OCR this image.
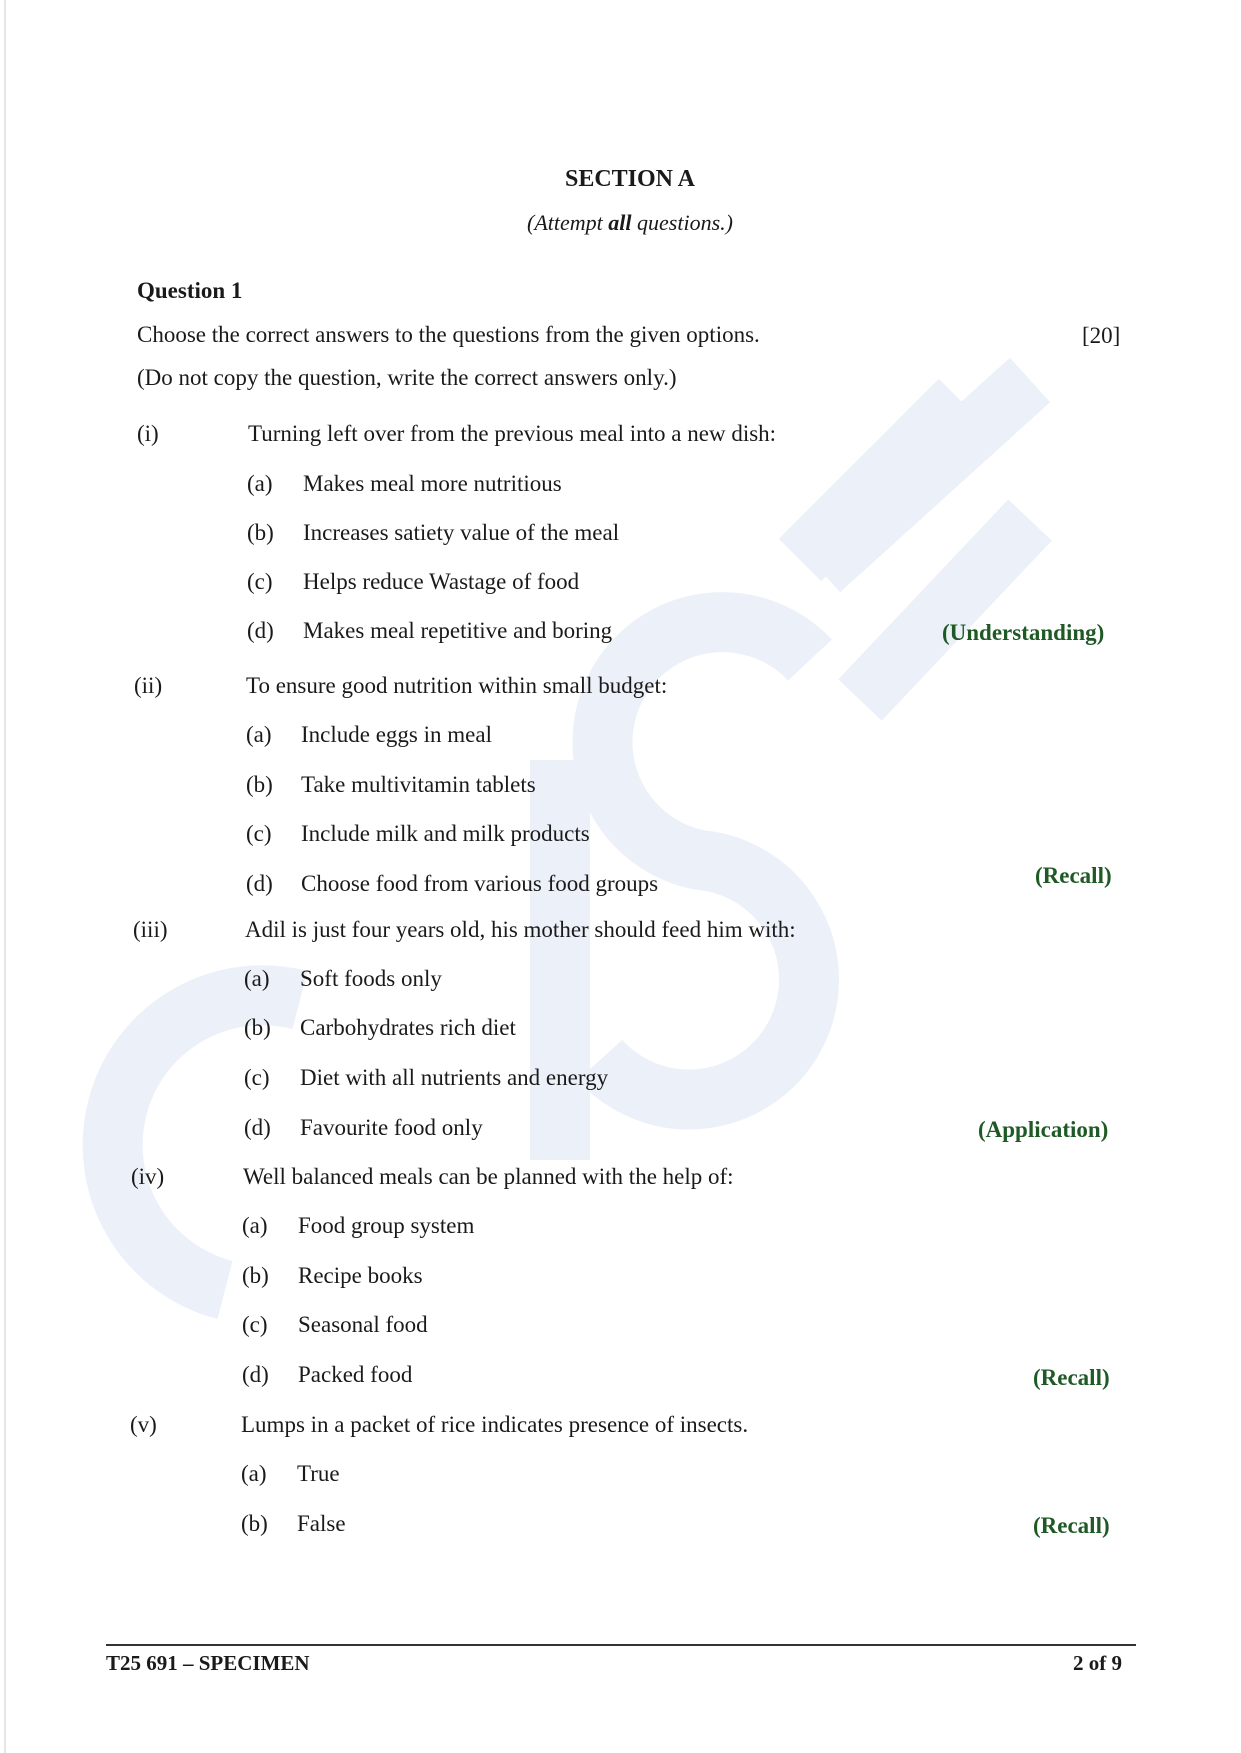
SECTION A
(Attempt all questions.)
Question 1
Choose the correct answers to the questions from the given options.	[20]
(Do not copy the question, write the correct answers only.)
(i)	Turning left over from the previous meal into a new dish:
(a) Makes meal more nutritious
(b) Increases satiety value of the meal
(c) Helps reduce Wastage of food
(d) Makes meal repetitive and boring	(Understanding)
(ii)	To ensure good nutrition within small budget:
(a) Include eggs in meal
(b) Take multivitamin tablets
(c) Include milk and milk products
(d) Choose food from various food groups	(Recall)
(iii)	Adil is just four years old, his mother should feed him with:
(a) Soft foods only
(b) Carbohydrates rich diet
(c) Diet with all nutrients and energy
(d) Favourite food only	(Application)
(iv)	Well balanced meals can be planned with the help of:
(a) Food group system
(b) Recipe books
(c) Seasonal food
(d) Packed food	(Recall)
(v)	Lumps in a packet of rice indicates presence of insects.
(a) True
(b) False	(Recall)
T25 691 – SPECIMEN	2 of 9
